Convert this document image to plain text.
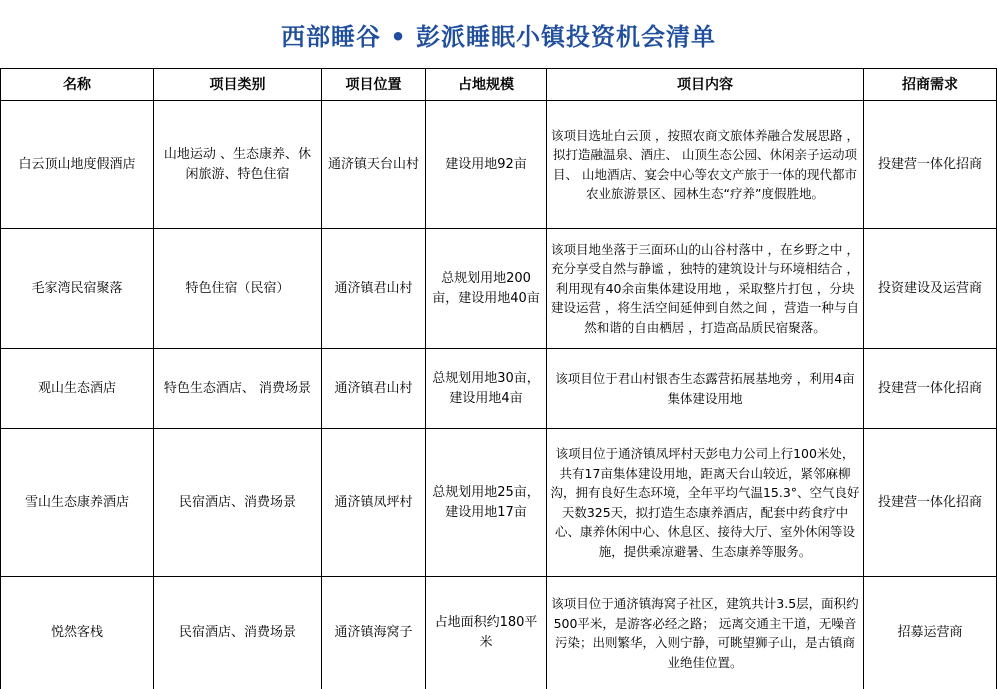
西部睡谷 • 彭派睡眠小镇投资机会清单
名称	项目类别	项目位置	占地规模	项目内容	招商需求
白云顶山地度假酒店	山地运动 、生态康养、休闲旅游、特色住宿	通济镇天台山村	建设用地92亩	该项目选址白云顶 ，按照农商文旅体养融合发展思路 ，拟打造融温泉、酒庄、 山顶生态公园、休闲亲子运动项目、 山地酒店、宴会中心等农文产旅于一体的现代都市农业旅游景区、园林生态“疗养”度假胜地。	投建营一体化招商
毛家湾民宿聚落	特色住宿（民宿）	通济镇君山村	总规划用地200亩，建设用地40亩	该项目地坐落于三面环山的山谷村落中 ，在乡野之中 ，充分享受自然与静谧 ，独特的建筑设计与环境相结合 ，利用现有40余亩集体建设用地 ，采取整片打包 ，分块建设运营 ，将生活空间延伸到自然之间 ，营造一种与自然和谐的自由栖居 ，打造高品质民宿聚落。	投资建设及运营商
观山生态酒店	特色生态酒店、 消费场景	通济镇君山村	总规划用地30亩，建设用地4亩	该项目位于君山村银杏生态露营拓展基地旁 ，利用4亩集体建设用地	投建营一体化招商
雪山生态康养酒店	民宿酒店、消费场景	通济镇凤坪村	总规划用地25亩，建设用地17亩	该项目位于通济镇凤坪村天彭电力公司上行100米处，共有17亩集体建设用地，距离天台山较近，紧邻麻柳沟，拥有良好生态环境，全年平均气温15.3°、空气良好天数325天，拟打造生态康养酒店，配套中药食疗中心、康养休闲中心、休息区、接待大厅、室外休闲等设施，提供乘凉避暑、生态康养等服务。	投建营一体化招商
悦然客栈	民宿酒店、消费场景	通济镇海窝子	占地面积约180平米	该项目位于通济镇海窝子社区，建筑共计3.5层，面积约500平米，是游客必经之路； 远离交通主干道，无噪音污染；出则繁华，入则宁静，可眺望狮子山，是古镇商业绝佳位置。	招募运营商
